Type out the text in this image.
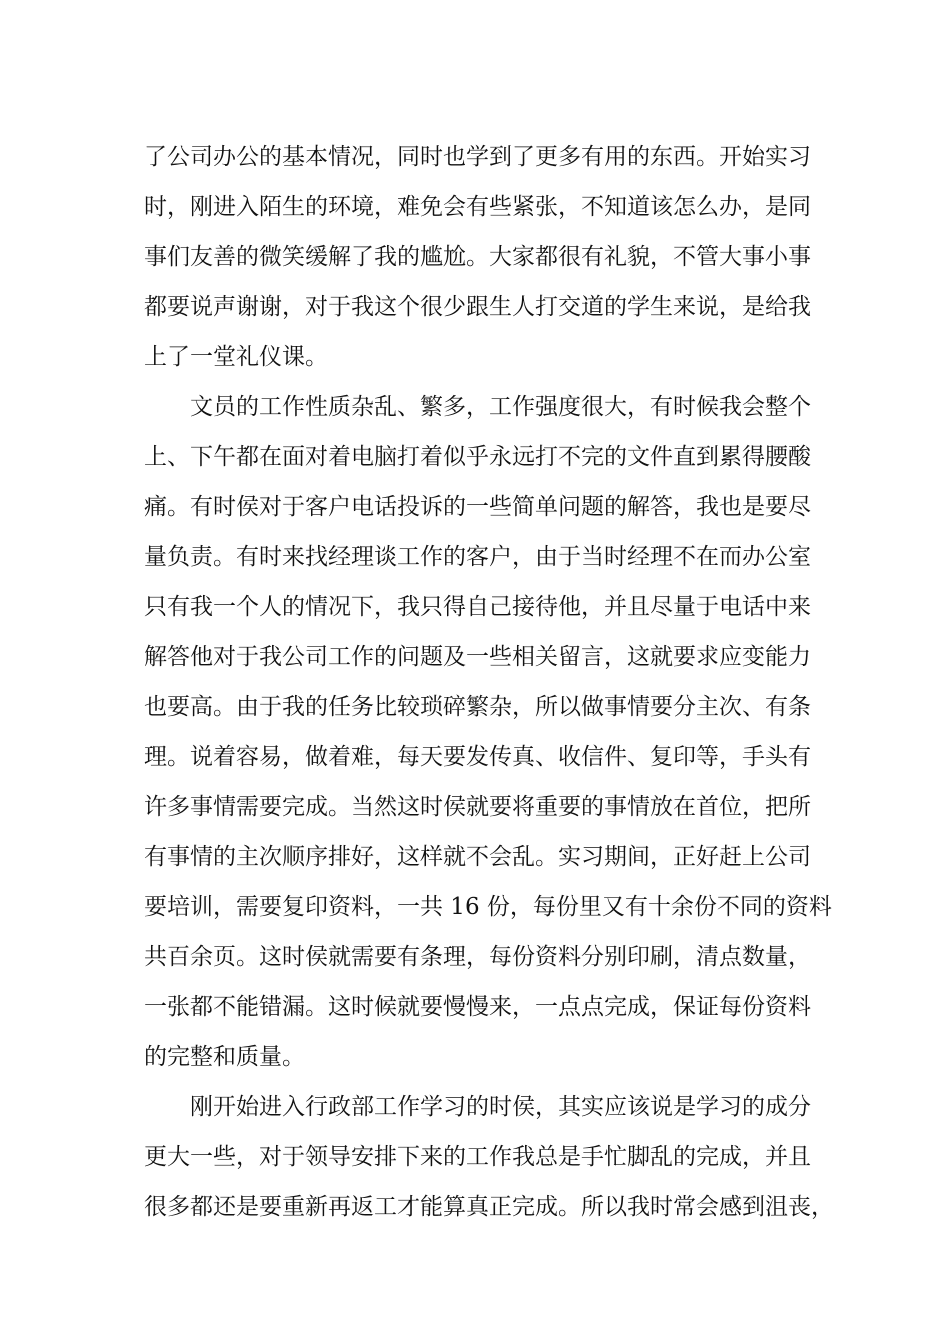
了公司办公的基本情况，同时也学到了更多有用的东西。开始实习
时，刚进入陌生的环境，难免会有些紧张，不知道该怎么办，是同
事们友善的微笑缓解了我的尴尬。大家都很有礼貌，不管大事小事
都要说声谢谢，对于我这个很少跟生人打交道的学生来说，是给我
上了一堂礼仪课。
文员的工作性质杂乱、繁多，工作强度很大，有时候我会整个
上、下午都在面对着电脑打着似乎永远打不完的文件直到累得腰酸
痛。有时侯对于客户电话投诉的一些简单问题的解答，我也是要尽
量负责。有时来找经理谈工作的客户，由于当时经理不在而办公室
只有我一个人的情况下，我只得自己接待他，并且尽量于电话中来
解答他对于我公司工作的问题及一些相关留言，这就要求应变能力
也要高。由于我的任务比较琐碎繁杂，所以做事情要分主次、有条
理。说着容易，做着难，每天要发传真、收信件、复印等，手头有
许多事情需要完成。当然这时侯就要将重要的事情放在首位，把所
有事情的主次顺序排好，这样就不会乱。实习期间，正好赶上公司
要培训，需要复印资料，一共 16 份，每份里又有十余份不同的资料
共百余页。这时侯就需要有条理，每份资料分别印刷，清点数量，
一张都不能错漏。这时候就要慢慢来，一点点完成，保证每份资料
的完整和质量。
刚开始进入行政部工作学习的时侯，其实应该说是学习的成分
更大一些，对于领导安排下来的工作我总是手忙脚乱的完成，并且
很多都还是要重新再返工才能算真正完成。所以我时常会感到沮丧，
